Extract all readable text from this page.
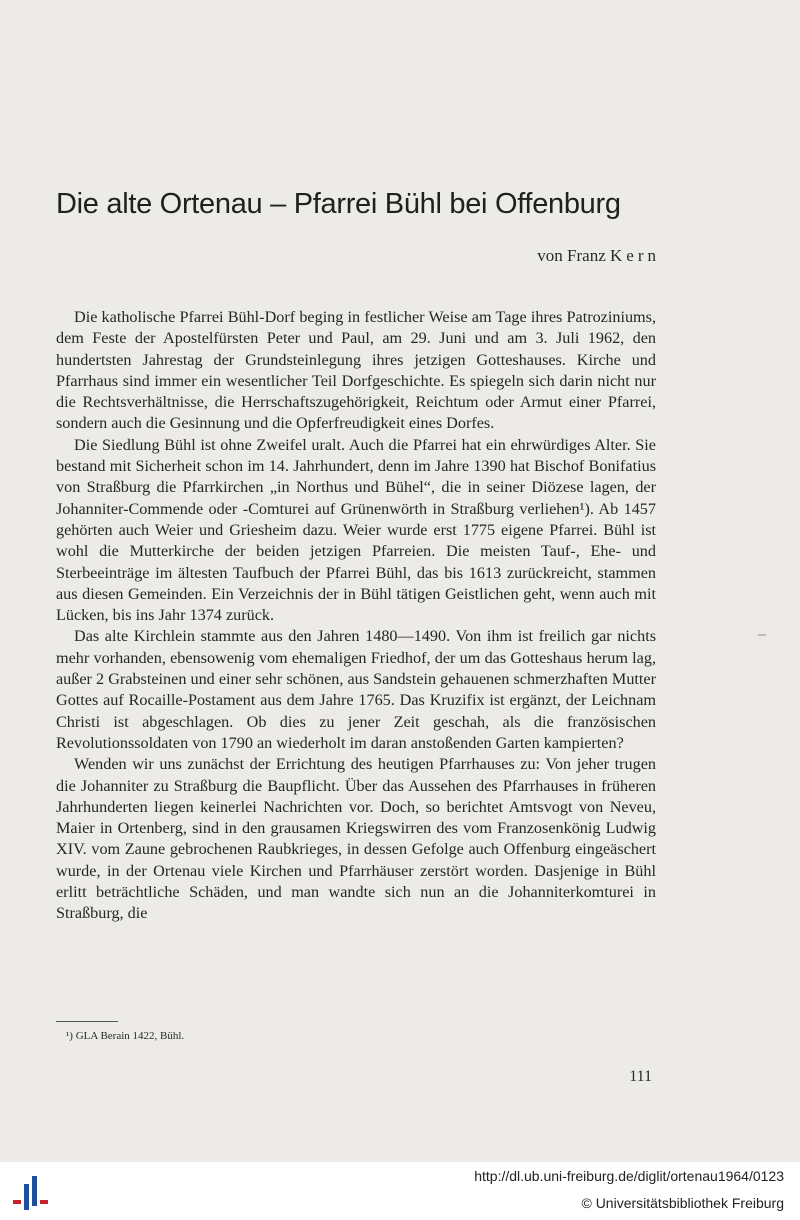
Die alte Ortenau – Pfarrei Bühl bei Offenburg
von Franz Kern

Die katholische Pfarrei Bühl-Dorf beging in festlicher Weise am Tage ihres Patroziniums, dem Feste der Apostelfürsten Peter und Paul, am 29. Juni und am 3. Juli 1962, den hundertsten Jahrestag der Grundsteinlegung ihres jetzigen Gotteshauses. Kirche und Pfarrhaus sind immer ein wesentlicher Teil Dorfgeschichte. Es spiegeln sich darin nicht nur die Rechtsverhältnisse, die Herrschaftszugehörigkeit, Reichtum oder Armut einer Pfarrei, sondern auch die Gesinnung und die Opferfreudigkeit eines Dorfes.

Die Siedlung Bühl ist ohne Zweifel uralt. Auch die Pfarrei hat ein ehrwürdiges Alter. Sie bestand mit Sicherheit schon im 14. Jahrhundert, denn im Jahre 1390 hat Bischof Bonifatius von Straßburg die Pfarrkirchen „in Northus und Bühel“, die in seiner Diözese lagen, der Johanniter-Commende oder -Comturei auf Grünenwörth in Straßburg verliehen¹). Ab 1457 gehörten auch Weier und Griesheim dazu. Weier wurde erst 1775 eigene Pfarrei. Bühl ist wohl die Mutterkirche der beiden jetzigen Pfarreien. Die meisten Tauf-, Ehe- und Sterbeeinträge im ältesten Taufbuch der Pfarrei Bühl, das bis 1613 zurückreicht, stammen aus diesen Gemeinden. Ein Verzeichnis der in Bühl tätigen Geistlichen geht, wenn auch mit Lücken, bis ins Jahr 1374 zurück.

Das alte Kirchlein stammte aus den Jahren 1480—1490. Von ihm ist freilich gar nichts mehr vorhanden, ebensowenig vom ehemaligen Friedhof, der um das Gotteshaus herum lag, außer 2 Grabsteinen und einer sehr schönen, aus Sandstein gehauenen schmerzhaften Mutter Gottes auf Rocaille-Postament aus dem Jahre 1765. Das Kruzifix ist ergänzt, der Leichnam Christi ist abgeschlagen. Ob dies zu jener Zeit geschah, als die französischen Revolutionssoldaten von 1790 an wiederholt im daran anstoßenden Garten kampierten?

Wenden wir uns zunächst der Errichtung des heutigen Pfarrhauses zu: Von jeher trugen die Johanniter zu Straßburg die Baupflicht. Über das Aussehen des Pfarrhauses in früheren Jahrhunderten liegen keinerlei Nachrichten vor. Doch, so berichtet Amtsvogt von Neveu, Maier in Ortenberg, sind in den grausamen Kriegswirren des vom Franzosenkönig Ludwig XIV. vom Zaune gebrochenen Raubkrieges, in dessen Gefolge auch Offenburg eingeäschert wurde, in der Ortenau viele Kirchen und Pfarrhäuser zerstört worden. Dasjenige in Bühl erlitt beträchtliche Schäden, und man wandte sich nun an die Johanniterkomturei in Straßburg, die

¹) GLA Berain 1422, Bühl.
111
http://dl.ub.uni-freiburg.de/diglit/ortenau1964/0123
© Universitätsbibliothek Freiburg
